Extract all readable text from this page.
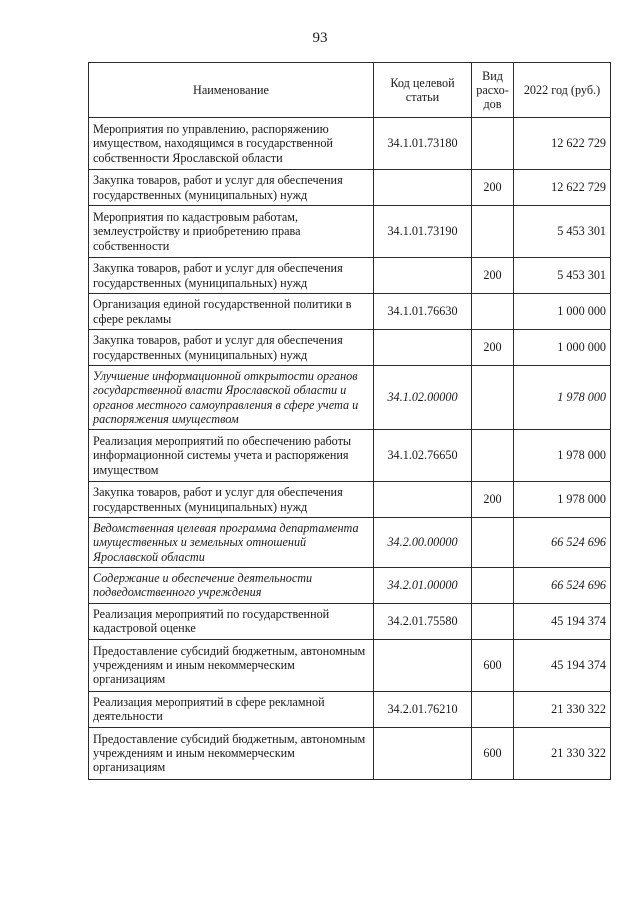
93
Наименование	Код целевой статьи	Вид расхо-дов	2022 год (руб.)
Мероприятия по управлению, распоряжению имуществом, находящимся в государственной собственности Ярославской области	34.1.01.73180		12 622 729
Закупка товаров, работ и услуг для обеспечения государственных (муниципальных) нужд		200	12 622 729
Мероприятия по кадастровым работам, землеустройству и приобретению права собственности	34.1.01.73190		5 453 301
Закупка товаров, работ и услуг для обеспечения государственных (муниципальных) нужд		200	5 453 301
Организация единой государственной политики в сфере рекламы	34.1.01.76630		1 000 000
Закупка товаров, работ и услуг для обеспечения государственных (муниципальных) нужд		200	1 000 000
Улучшение информационной открытости органов государственной власти Ярославской области и органов местного самоуправления в сфере учета и распоряжения имуществом	34.1.02.00000		1 978 000
Реализация мероприятий по обеспечению работы информационной системы учета и распоряжения имуществом	34.1.02.76650		1 978 000
Закупка товаров, работ и услуг для обеспечения государственных (муниципальных) нужд		200	1 978 000
Ведомственная целевая программа департамента имущественных и земельных отношений Ярославской области	34.2.00.00000		66 524 696
Содержание и обеспечение деятельности подведомственного учреждения	34.2.01.00000		66 524 696
Реализация мероприятий по государственной кадастровой оценке	34.2.01.75580		45 194 374
Предоставление субсидий бюджетным, автономным учреждениям и иным некоммерческим организациям		600	45 194 374
Реализация мероприятий в сфере рекламной деятельности	34.2.01.76210		21 330 322
Предоставление субсидий бюджетным, автономным учреждениям и иным некоммерческим организациям		600	21 330 322
